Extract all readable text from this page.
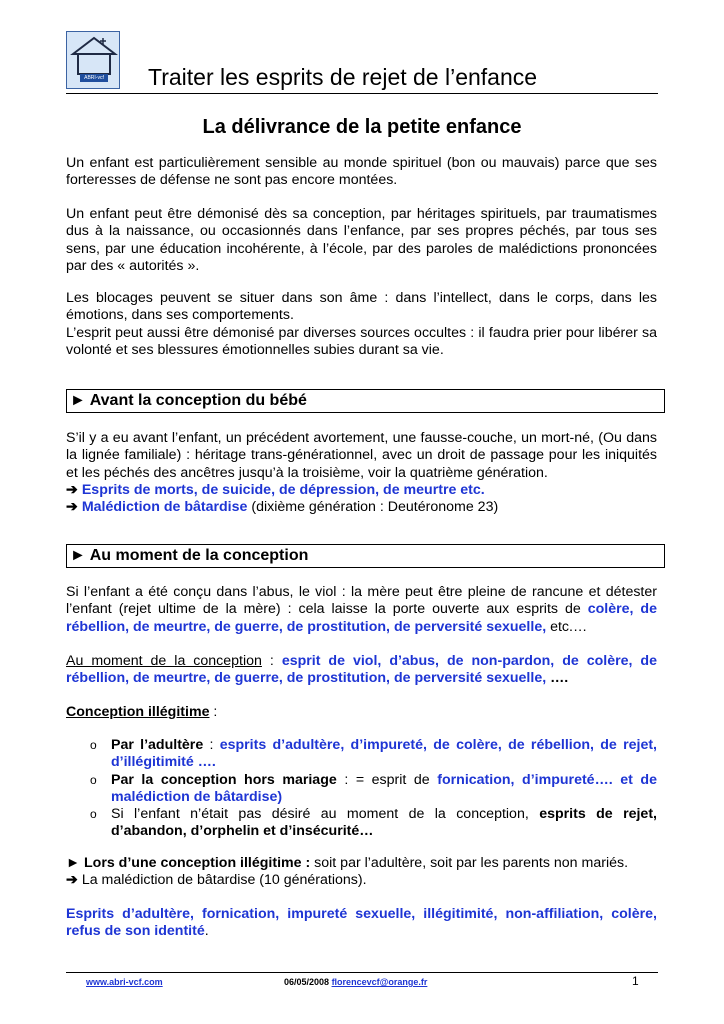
ABRI-vcf Traiter les esprits de rejet de l’enfance
La délivrance de la petite enfance

Un enfant est particulièrement sensible au monde spirituel (bon ou mauvais) parce que ses forteresses de défense ne sont pas encore montées.

Un enfant peut être démonisé dès sa conception, par héritages spirituels, par traumatismes dus à la naissance, ou occasionnés dans l’enfance, par ses propres péchés, par tous ses sens, par une éducation incohérente, à l’école, par des paroles de malédictions prononcées par des « autorités ».

Les blocages peuvent se situer dans son âme : dans l’intellect, dans le corps, dans les émotions, dans ses comportements.

L’esprit peut aussi être démonisé par diverses sources occultes : il faudra prier pour libérer sa volonté et ses blessures émotionnelles subies durant sa vie.

► Avant la conception du bébé

S’il y a eu avant l’enfant, un précédent avortement, une fausse-couche, un mort-né, (Ou dans la lignée familiale) : héritage trans-générationnel, avec un droit de passage pour les iniquités et les péchés des ancêtres jusqu’à la troisième, voir la quatrième génération.

➔ Esprits de morts, de suicide, de dépression, de meurtre etc.

➔ Malédiction de bâtardise (dixième génération : Deutéronome 23)

► Au moment de la conception

Si l’enfant a été conçu dans l’abus, le viol : la mère peut être pleine de rancune et détester l’enfant (rejet ultime de la mère) : cela laisse la porte ouverte aux esprits de colère, de rébellion, de meurtre, de guerre, de prostitution, de perversité sexuelle, etc.…

Au moment de la conception : esprit de viol, d’abus, de non-pardon, de colère, de rébellion, de meurtre, de guerre, de prostitution, de perversité sexuelle, ….

Conception illégitime :

o	Par l’adultère : esprits d’adultère, d’impureté, de colère, de rébellion, de rejet, d’illégitimité ….
o	Par la conception hors mariage : = esprit de fornication, d’impureté…. et de malédiction de bâtardise)
o	Si l’enfant n’était pas désiré au moment de la conception, esprits de rejet, d’abandon, d’orphelin et d’insécurité…

► Lors d’une conception illégitime : soit par l’adultère, soit par les parents non mariés.

➔ La malédiction de bâtardise (10 générations).

Esprits d’adultère, fornication, impureté sexuelle, illégitimité, non-affiliation, colère, refus de son identité.

www.abri-vcf.com	06/05/2008 florencevcf@orange.fr	1
